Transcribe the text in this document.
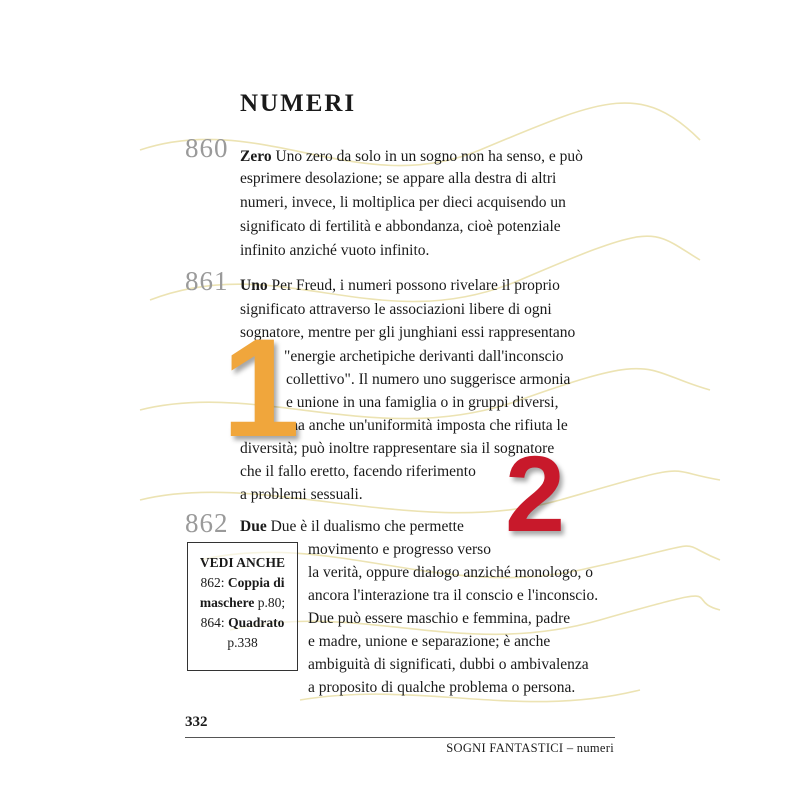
NUMERI
860 Zero Uno zero da solo in un sogno non ha senso, e può
esprimere desolazione; se appare alla destra di altri
numeri, invece, li moltiplica per dieci acquisendo un
significato di fertilità e abbondanza, cioè potenziale
infinito anziché vuoto infinito.
861 Uno Per Freud, i numeri possono rivelare il proprio
significato attraverso le associazioni libere di ogni
sognatore, mentre per gli junghiani essi rappresentano
"energie archetipiche derivanti dall'inconscio
collettivo". Il numero uno suggerisce armonia
e unione in una famiglia o in gruppi diversi,
ma anche un'uniformità imposta che rifiuta le
diversità; può inoltre rappresentare sia il sognatore
che il fallo eretto, facendo riferimento
a problemi sessuali.
1
2
862 Due Due è il dualismo che permette
movimento e progresso verso
la verità, oppure dialogo anziché monologo, o
ancora l'interazione tra il conscio e l'inconscio.
Due può essere maschio e femmina, padre
e madre, unione e separazione; è anche
ambiguità di significati, dubbi o ambivalenza
a proposito di qualche problema o persona.
VEDI ANCHE
862: Coppia di
maschere p.80;
864: Quadrato
p.338
332
SOGNI FANTASTICI – numeri
